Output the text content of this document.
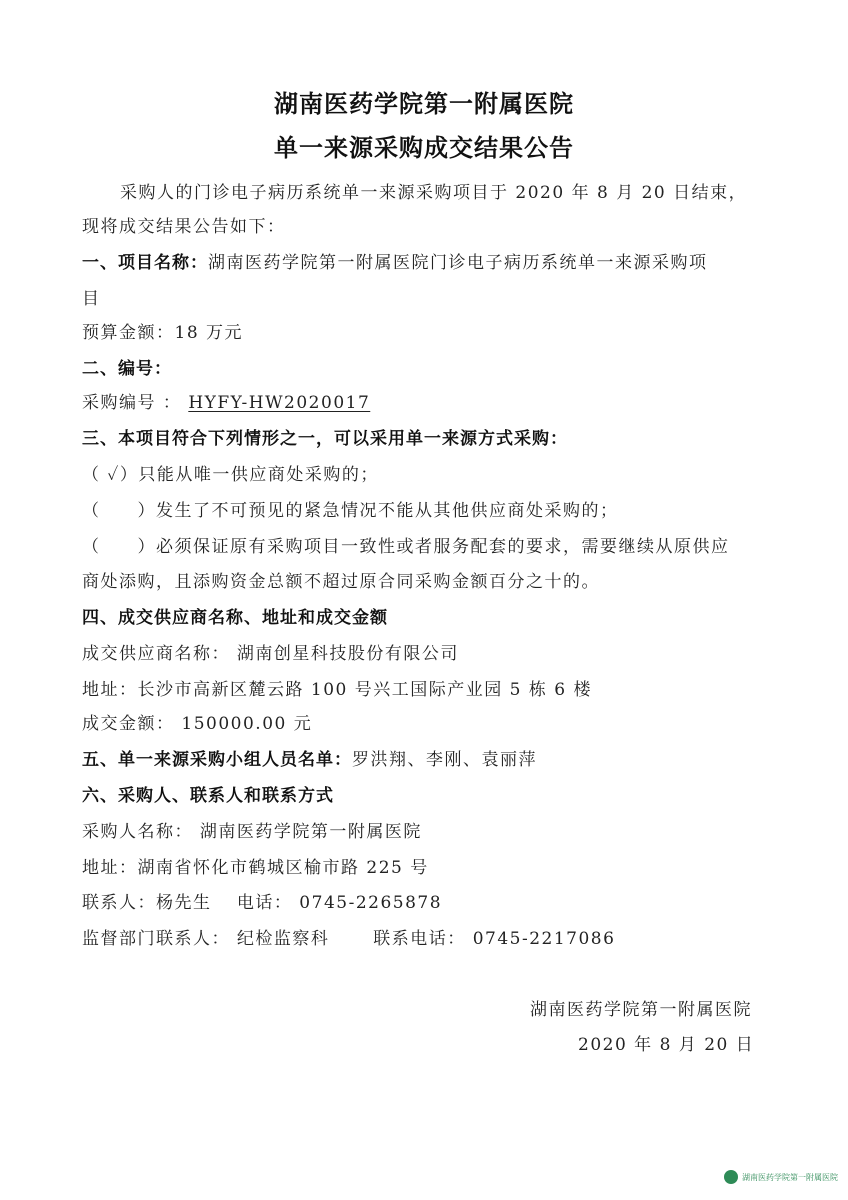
湖南医药学院第一附属医院
单一来源采购成交结果公告
采购人的门诊电子病历系统单一来源采购项目于 2020 年 8 月 20 日结束，
现将成交结果公告如下：
一、项目名称：湖南医药学院第一附属医院门诊电子病历系统单一来源采购项
目
预算金额：18 万元
二、编号：
采购编号 ： HYFY-HW2020017
三、本项目符合下列情形之一，可以采用单一来源方式采购：
（ ✓）只能从唯一供应商处采购的；
（　　）发生了不可预见的紧急情况不能从其他供应商处采购的；
（　　）必须保证原有采购项目一致性或者服务配套的要求，需要继续从原供应
商处添购，且添购资金总额不超过原合同采购金额百分之十的。
四、成交供应商名称、地址和成交金额
成交供应商名称： 湖南创星科技股份有限公司
地址：长沙市高新区麓云路 100 号兴工国际产业园 5 栋 6 楼
成交金额： 150000.00 元
五、单一来源采购小组人员名单：罗洪翔、李刚、袁丽萍
六、采购人、联系人和联系方式
采购人名称： 湖南医药学院第一附属医院
地址：湖南省怀化市鹤城区榆市路 225 号
联系人：杨先生　 电话： 0745-2265878
监督部门联系人： 纪检监察科　　 联系电话： 0745-2217086
湖南医药学院第一附属医院
2020 年 8 月 20 日
湖南医药学院第一附属医院
